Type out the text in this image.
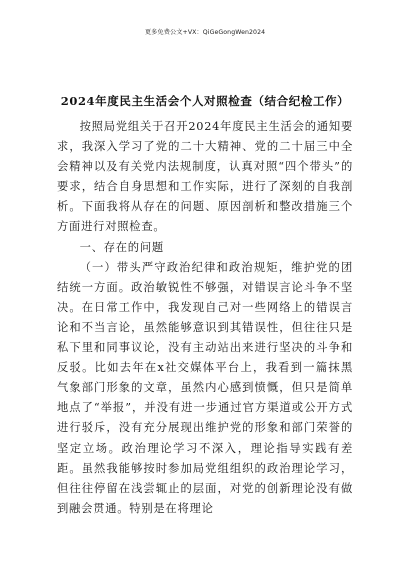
更多免费公文+VX：QiGeGongWen2024
2024年度民主生活会个人对照检查（结合纪检工作）

按照局党组关于召开2024年度民主生活会的通知要求，我深入学习了党的二十大精神、党的二十届三中全会精神以及有关党内法规制度，认真对照“四个带头”的要求，结合自身思想和工作实际，进行了深刻的自我剖析。下面我将从存在的问题、原因剖析和整改措施三个方面进行对照检查。

一、存在的问题

（一）带头严守政治纪律和政治规矩，维护党的团结统一方面。政治敏锐性不够强，对错误言论斗争不坚决。在日常工作中，我发现自己对一些网络上的错误言论和不当言论，虽然能够意识到其错误性，但往往只是私下里和同事议论，没有主动站出来进行坚决的斗争和反驳。比如去年在x社交媒体平台上，我看到一篇抹黑气象部门形象的文章，虽然内心感到愤慨，但只是简单地点了“举报”，并没有进一步通过官方渠道或公开方式进行驳斥，没有充分展现出维护党的形象和部门荣誉的坚定立场。政治理论学习不深入，理论指导实践有差距。虽然我能够按时参加局党组组织的政治理论学习，但往往停留在浅尝辄止的层面，对党的创新理论没有做到融会贯通。特别是在将理论
